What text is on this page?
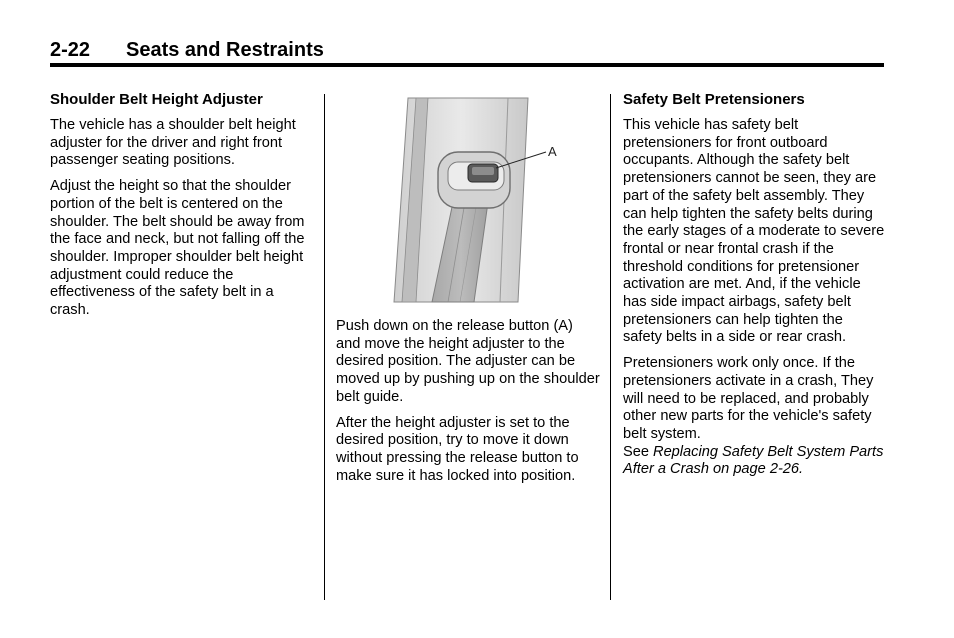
2-22 Seats and Restraints
Shoulder Belt Height Adjuster

The vehicle has a shoulder belt height adjuster for the driver and right front passenger seating positions.

Adjust the height so that the shoulder portion of the belt is centered on the shoulder. The belt should be away from the face and neck, but not falling off the shoulder. Improper shoulder belt height adjustment could reduce the effectiveness of the safety belt in a crash.

A

Push down on the release button (A) and move the height adjuster to the desired position. The adjuster can be moved up by pushing up on the shoulder belt guide.

After the height adjuster is set to the desired position, try to move it down without pressing the release button to make sure it has locked into position.

Safety Belt Pretensioners

This vehicle has safety belt pretensioners for front outboard occupants. Although the safety belt pretensioners cannot be seen, they are part of the safety belt assembly. They can help tighten the safety belts during the early stages of a moderate to severe frontal or near frontal crash if the threshold conditions for pretensioner activation are met. And, if the vehicle has side impact airbags, safety belt pretensioners can help tighten the safety belts in a side or rear crash.

Pretensioners work only once. If the pretensioners activate in a crash, They will need to be replaced, and probably other new parts for the vehicle's safety belt system.

See Replacing Safety Belt System Parts After a Crash on page 2-26.
